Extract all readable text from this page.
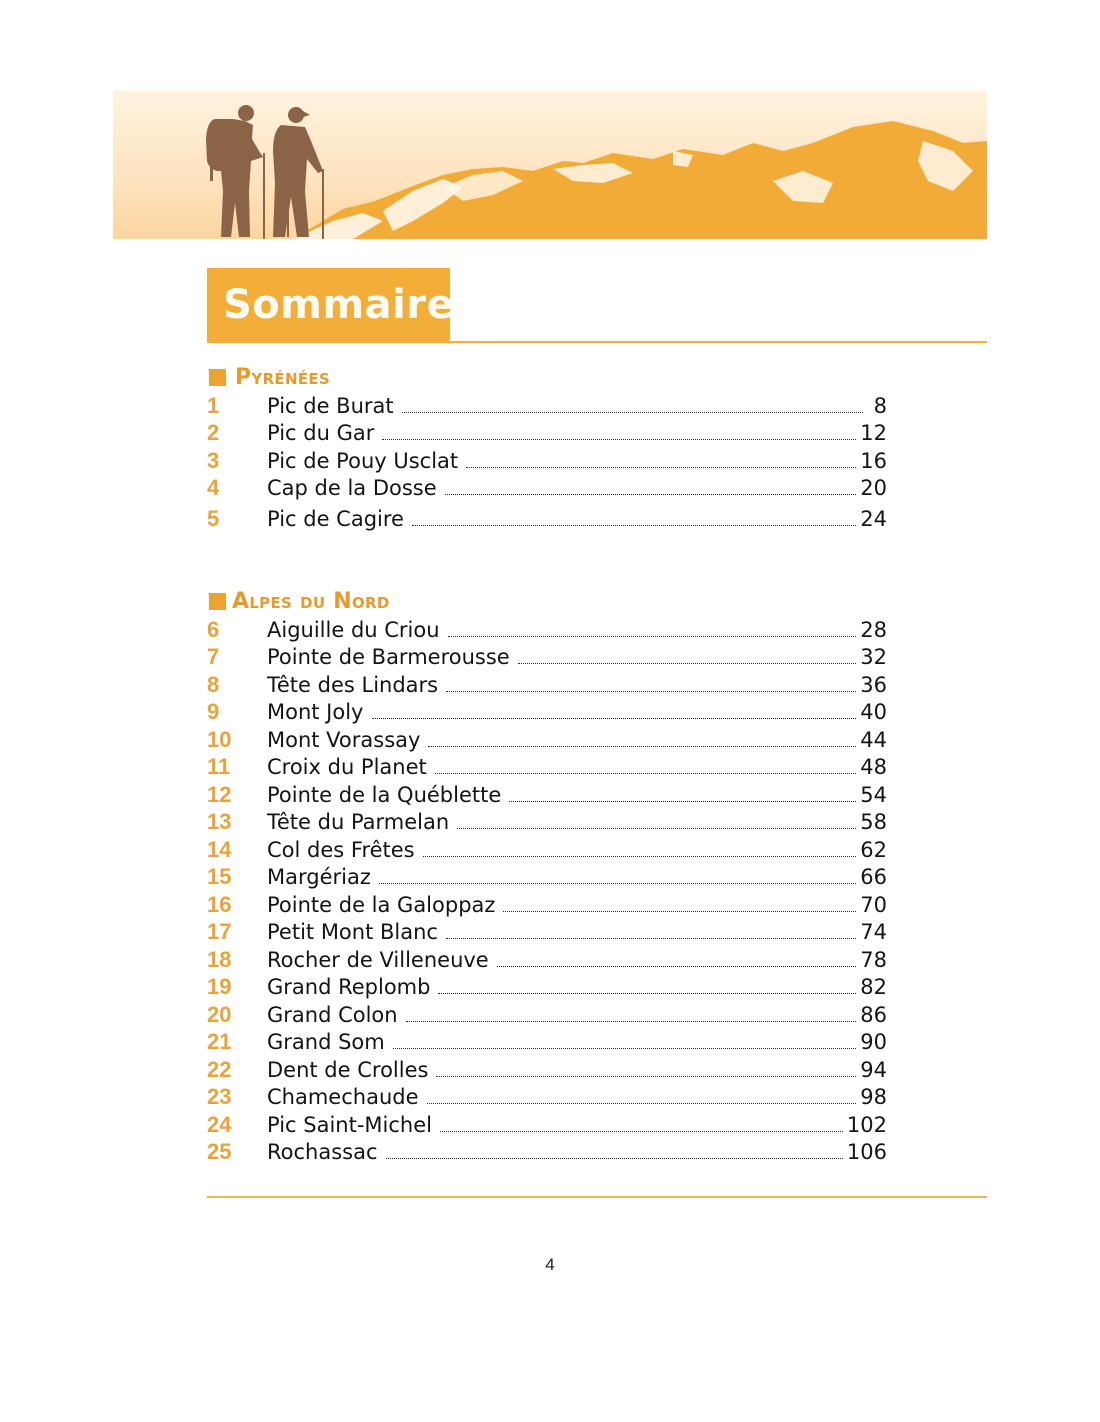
Sommaire
Pyrénées
1	Pic de Burat	8
2	Pic du Gar	12
3	Pic de Pouy Usclat	16
4	Cap de la Dosse	20
5	Pic de Cagire	24
Alpes du Nord
6	Aiguille du Criou	28
7	Pointe de Barmerousse	32
8	Tête des Lindars	36
9	Mont Joly	40
10	Mont Vorassay	44
11	Croix du Planet	48
12	Pointe de la Québlette	54
13	Tête du Parmelan	58
14	Col des Frêtes	62
15	Margériaz	66
16	Pointe de la Galoppaz	70
17	Petit Mont Blanc	74
18	Rocher de Villeneuve	78
19	Grand Replomb	82
20	Grand Colon	86
21	Grand Som	90
22	Dent de Crolles	94
23	Chamechaude	98
24	Pic Saint-Michel	102
25	Rochassac	106
4
